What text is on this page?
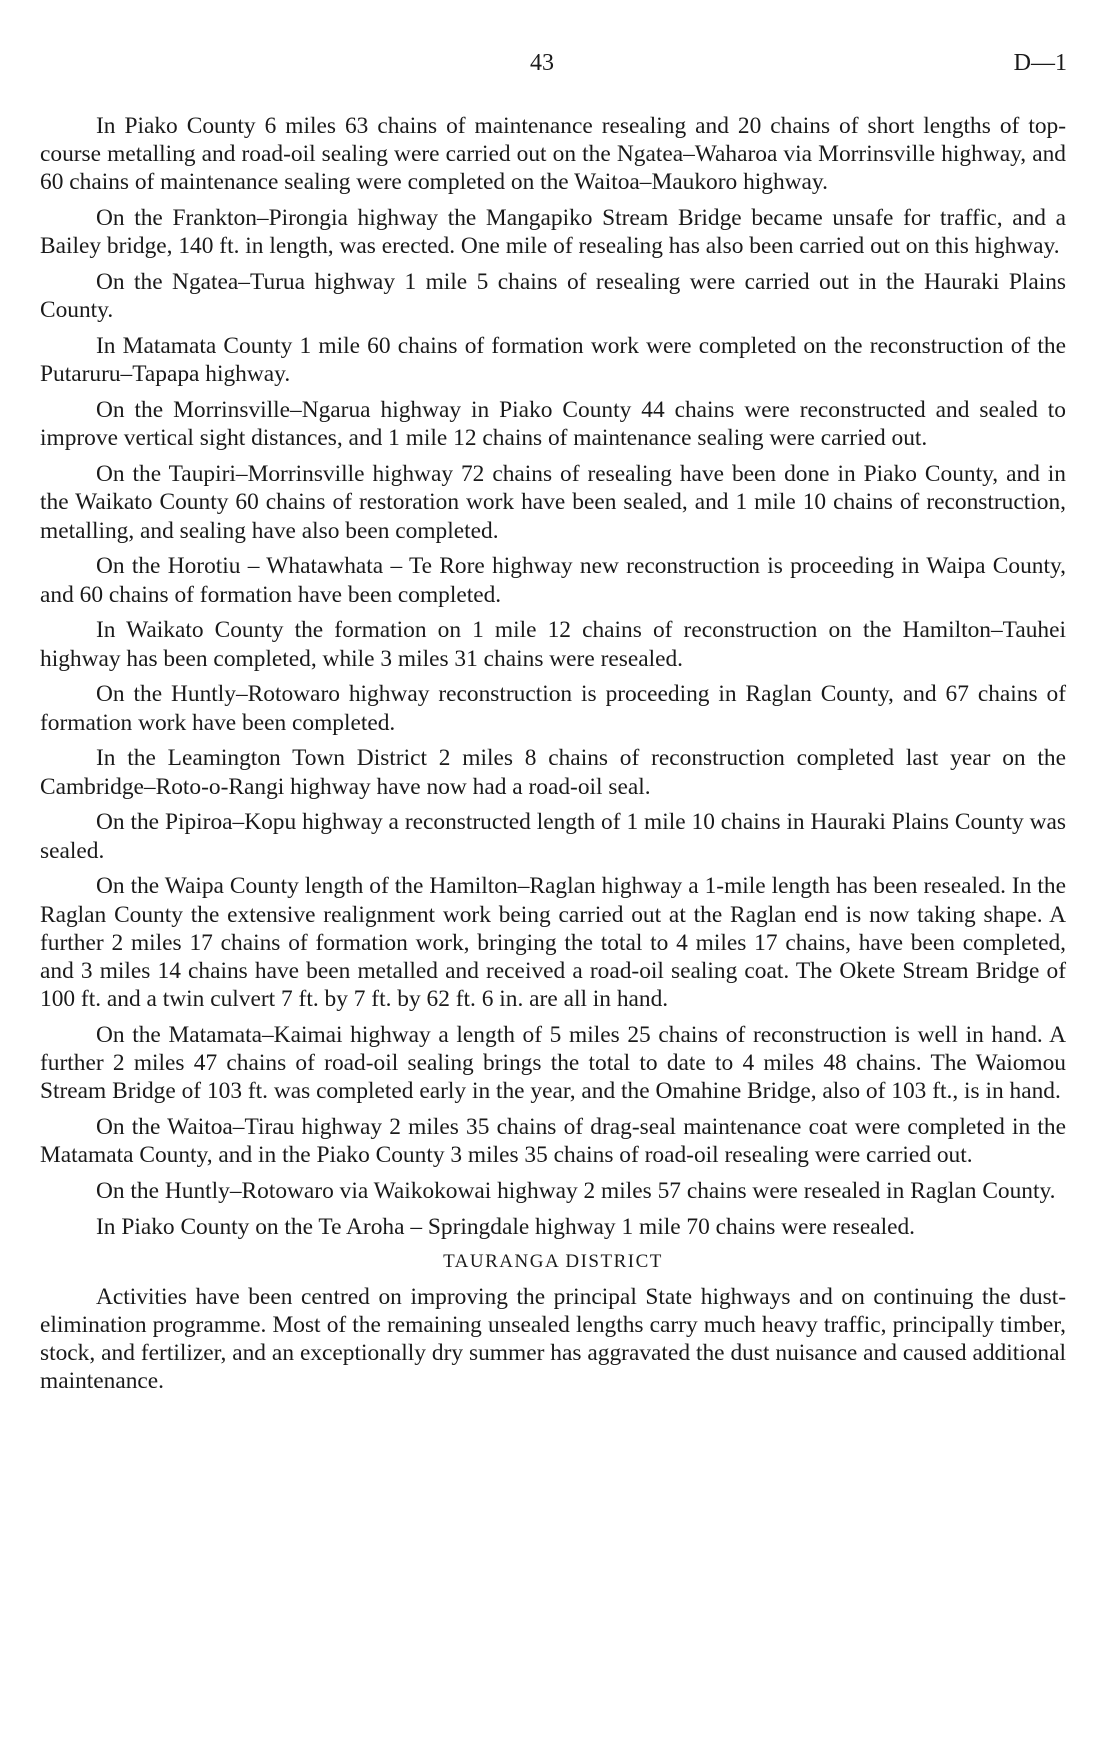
43	D—1

In Piako County 6 miles 63 chains of maintenance resealing and 20 chains of short lengths of top-course metalling and road-oil sealing were carried out on the Ngatea–Waharoa via Morrinsville highway, and 60 chains of maintenance sealing were completed on the Waitoa–Maukoro highway.

On the Frankton–Pirongia highway the Mangapiko Stream Bridge became unsafe for traffic, and a Bailey bridge, 140 ft. in length, was erected. One mile of resealing has also been carried out on this highway.

On the Ngatea–Turua highway 1 mile 5 chains of resealing were carried out in the Hauraki Plains County.

In Matamata County 1 mile 60 chains of formation work were completed on the reconstruction of the Putaruru–Tapapa highway.

On the Morrinsville–Ngarua highway in Piako County 44 chains were reconstructed and sealed to improve vertical sight distances, and 1 mile 12 chains of maintenance sealing were carried out.

On the Taupiri–Morrinsville highway 72 chains of resealing have been done in Piako County, and in the Waikato County 60 chains of restoration work have been sealed, and 1 mile 10 chains of reconstruction, metalling, and sealing have also been completed.

On the Horotiu – Whatawhata – Te Rore highway new reconstruction is proceeding in Waipa County, and 60 chains of formation have been completed.

In Waikato County the formation on 1 mile 12 chains of reconstruction on the Hamilton–Tauhei highway has been completed, while 3 miles 31 chains were resealed.

On the Huntly–Rotowaro highway reconstruction is proceeding in Raglan County, and 67 chains of formation work have been completed.

In the Leamington Town District 2 miles 8 chains of reconstruction completed last year on the Cambridge–Roto-o-Rangi highway have now had a road-oil seal.

On the Pipiroa–Kopu highway a reconstructed length of 1 mile 10 chains in Hauraki Plains County was sealed.

On the Waipa County length of the Hamilton–Raglan highway a 1-mile length has been resealed. In the Raglan County the extensive realignment work being carried out at the Raglan end is now taking shape. A further 2 miles 17 chains of formation work, bringing the total to 4 miles 17 chains, have been completed, and 3 miles 14 chains have been metalled and received a road-oil sealing coat. The Okete Stream Bridge of 100 ft. and a twin culvert 7 ft. by 7 ft. by 62 ft. 6 in. are all in hand.

On the Matamata–Kaimai highway a length of 5 miles 25 chains of reconstruction is well in hand. A further 2 miles 47 chains of road-oil sealing brings the total to date to 4 miles 48 chains. The Waiomou Stream Bridge of 103 ft. was completed early in the year, and the Omahine Bridge, also of 103 ft., is in hand.

On the Waitoa–Tirau highway 2 miles 35 chains of drag-seal maintenance coat were completed in the Matamata County, and in the Piako County 3 miles 35 chains of road-oil resealing were carried out.

On the Huntly–Rotowaro via Waikokowai highway 2 miles 57 chains were resealed in Raglan County.

In Piako County on the Te Aroha – Springdale highway 1 mile 70 chains were resealed.

TAURANGA DISTRICT

Activities have been centred on improving the principal State highways and on continuing the dust-elimination programme. Most of the remaining unsealed lengths carry much heavy traffic, principally timber, stock, and fertilizer, and an exceptionally dry summer has aggravated the dust nuisance and caused additional maintenance.
